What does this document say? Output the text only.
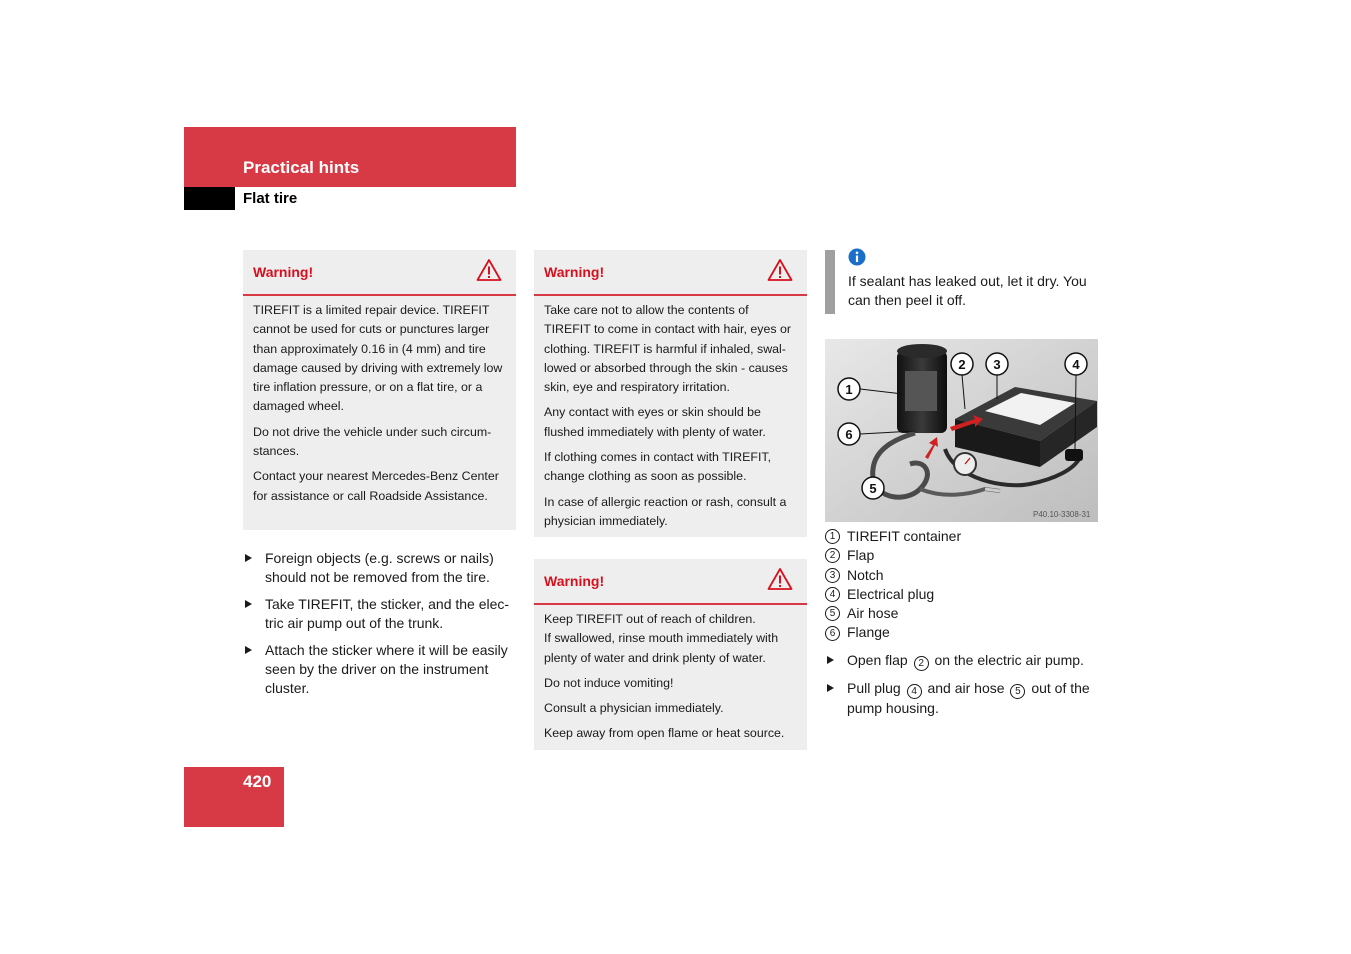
Practical hints
Flat tire
Warning!

TIREFIT is a limited repair device. TIREFIT cannot be used for cuts or punctures larger than approximately 0.16 in (4 mm) and tire damage caused by driving with extremely low tire inflation pressure, or on a flat tire, or a damaged wheel.

Do not drive the vehicle under such circum-stances.

Contact your nearest Mercedes-Benz Center for assistance or call Roadside Assistance.

Foreign objects (e.g. screws or nails) should not be removed from the tire.
Take TIREFIT, the sticker, and the elec-tric air pump out of the trunk.
Attach the sticker where it will be easily seen by the driver on the instrument cluster.
Warning!

Take care not to allow the contents of TIREFIT to come in contact with hair, eyes or clothing. TIREFIT is harmful if inhaled, swal-lowed or absorbed through the skin - causes skin, eye and respiratory irritation.

Any contact with eyes or skin should be flushed immediately with plenty of water.

If clothing comes in contact with TIREFIT, change clothing as soon as possible.

In case of allergic reaction or rash, consult a physician immediately.

Warning!

Keep TIREFIT out of reach of children.

If swallowed, rinse mouth immediately with plenty of water and drink plenty of water.

Do not induce vomiting!

Consult a physician immediately.

Keep away from open flame or heat source.

If sealant has leaked out, let it dry. You can then peel it off.
1
2 3	4
5
6
P40.10-3308-31
1 TIREFIT container
2 Flap
3 Notch
4 Electrical plug
5 Air hose
6 Flange
Open flap 2 on the electric air pump.
Pull plug 4 and air hose 5 out of the pump housing.
420
